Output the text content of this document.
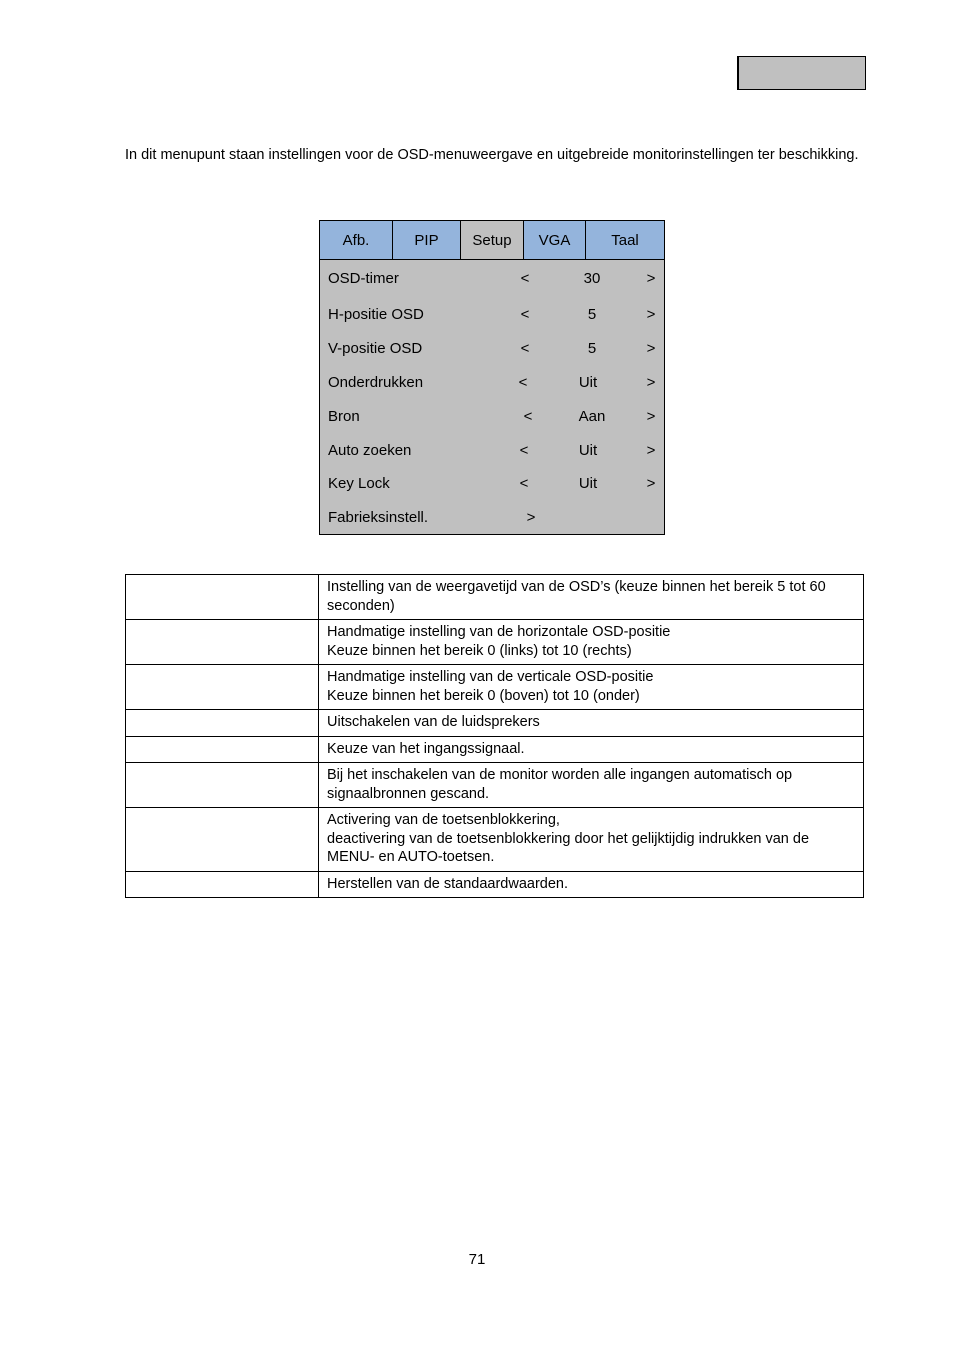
In dit menupunt staan instellingen voor de OSD-menuweergave en uitgebreide monitorinstellingen ter beschikking.

Afb.	PIP	Setup	VGA	Taal
OSD-timer	<	30	>
H-positie OSD	<	5	>
V-positie OSD	<	5	>
Onderdrukken	<	Uit	>
Bron	<	Aan	>
Auto zoeken	<	Uit	>
Key Lock	<	Uit	>
Fabrieksinstell.	>
	Instelling van de weergavetijd van de OSD’s (keuze binnen het bereik 5 tot 60 seconden)
	Handmatige instelling van de horizontale OSD-positie
Keuze binnen het bereik 0 (links) tot 10 (rechts)
	Handmatige instelling van de verticale OSD-positie
Keuze binnen het bereik 0 (boven) tot 10 (onder)
	Uitschakelen van de luidsprekers
	Keuze van het ingangssignaal.
	Bij het inschakelen van de monitor worden alle ingangen automatisch op signaalbronnen gescand.
	Activering van de toetsenblokkering,
deactivering van de toetsenblokkering door het gelijktijdig indrukken van de MENU- en AUTO-toetsen.
	Herstellen van de standaardwaarden.
71
